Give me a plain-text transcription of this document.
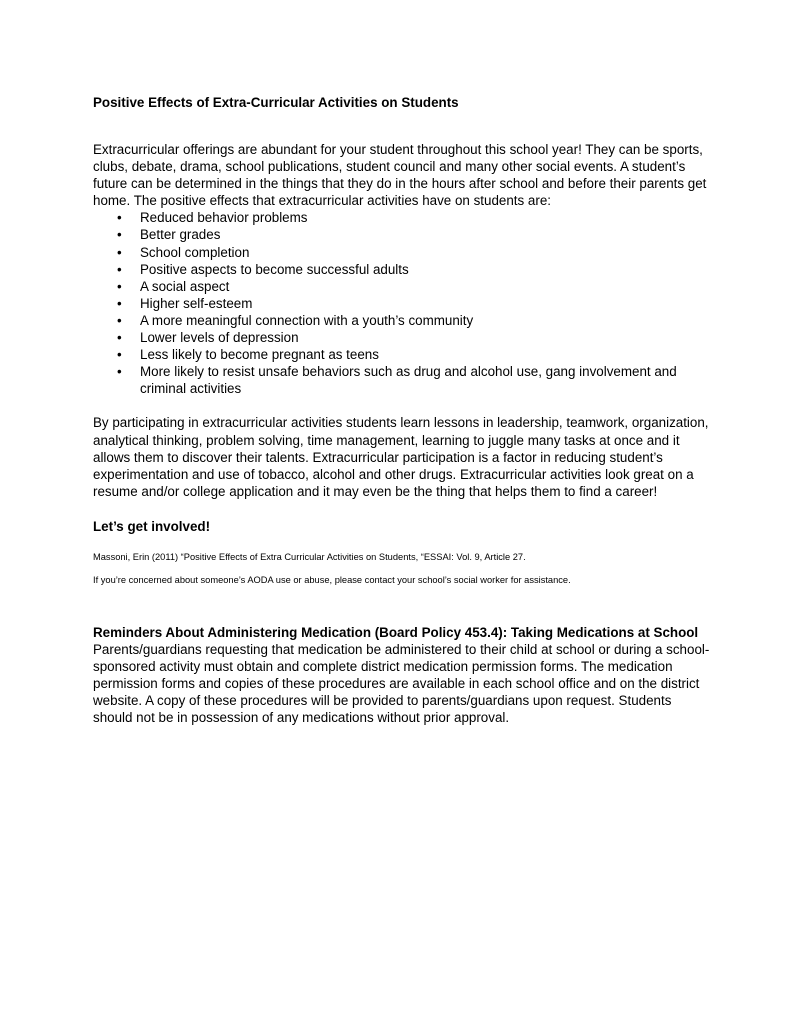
Positive Effects of Extra-Curricular Activities on Students

Extracurricular offerings are abundant for your student throughout this school year! They can be sports, clubs, debate, drama, school publications, student council and many other social events. A student’s future can be determined in the things that they do in the hours after school and before their parents get home. The positive effects that extracurricular activities have on students are:

• Reduced behavior problems
• Better grades
• School completion
• Positive aspects to become successful adults
• A social aspect
• Higher self-esteem
• A more meaningful connection with a youth’s community
• Lower levels of depression
• Less likely to become pregnant as teens
• More likely to resist unsafe behaviors such as drug and alcohol use, gang involvement and criminal activities

By participating in extracurricular activities students learn lessons in leadership, teamwork, organization, analytical thinking, problem solving, time management, learning to juggle many tasks at once and it allows them to discover their talents. Extracurricular participation is a factor in reducing student’s experimentation and use of tobacco, alcohol and other drugs. Extracurricular activities look great on a resume and/or college application and it may even be the thing that helps them to find a career!

Let’s get involved!

Massoni, Erin (2011) “Positive Effects of Extra Curricular Activities on Students, “ESSAI: Vol. 9, Article 27.

If you’re concerned about someone’s AODA use or abuse, please contact your school’s social worker for assistance.

Reminders About Administering Medication (Board Policy 453.4): Taking Medications at School

Parents/guardians requesting that medication be administered to their child at school or during a school-sponsored activity must obtain and complete district medication permission forms. The medication permission forms and copies of these procedures are available in each school office and on the district website. A copy of these procedures will be provided to parents/guardians upon request. Students should not be in possession of any medications without prior approval.
